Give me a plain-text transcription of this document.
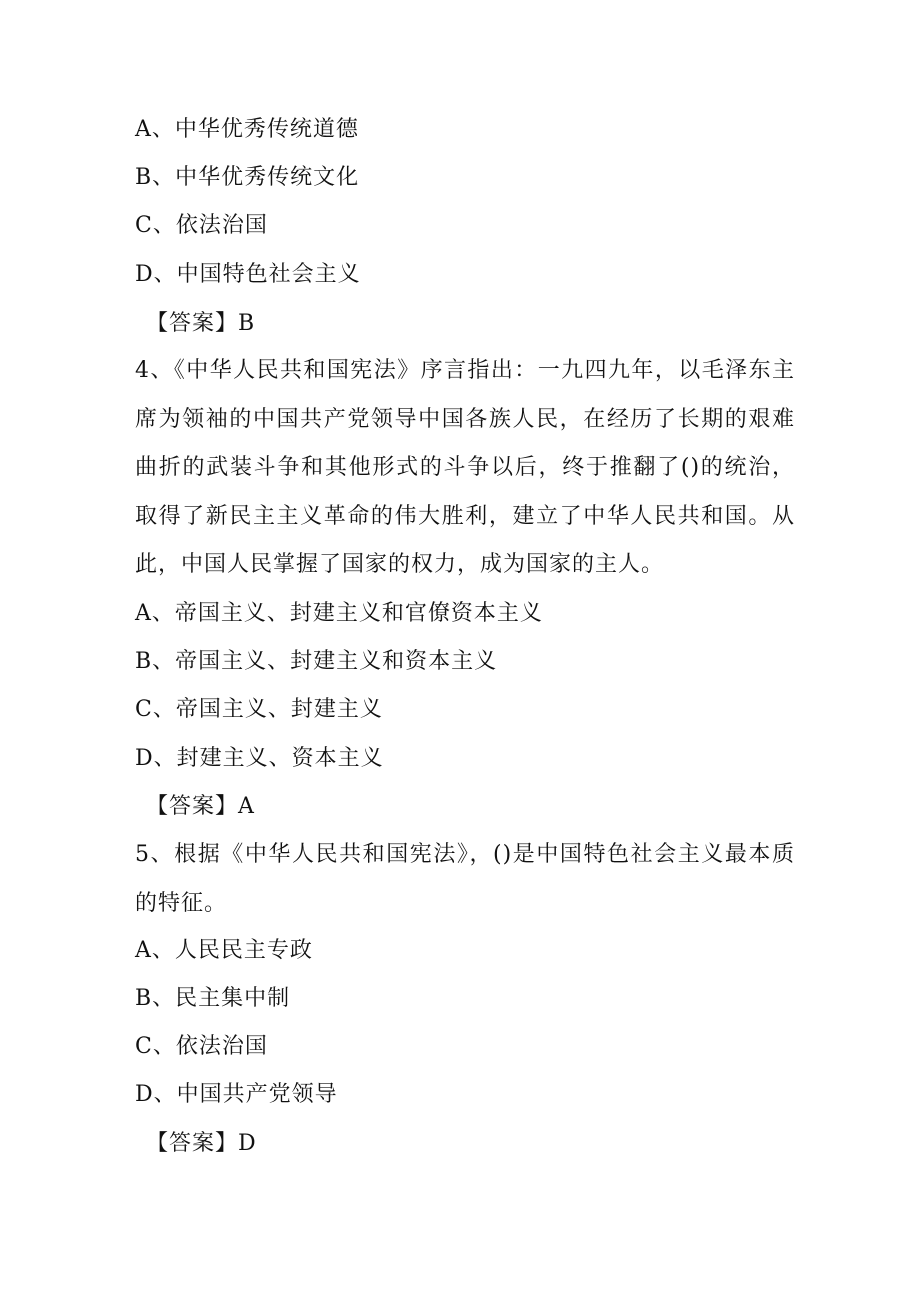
A、中华优秀传统道德
B、中华优秀传统文化
C、依法治国
D、中国特色社会主义
【答案】B
4、《中华人民共和国宪法》序言指出：一九四九年，以毛泽东主席为领袖的中国共产党领导中国各族人民，在经历了长期的艰难曲折的武装斗争和其他形式的斗争以后，终于推翻了()的统治，取得了新民主主义革命的伟大胜利，建立了中华人民共和国。从此，中国人民掌握了国家的权力，成为国家的主人。
A、帝国主义、封建主义和官僚资本主义
B、帝国主义、封建主义和资本主义
C、帝国主义、封建主义
D、封建主义、资本主义
【答案】A
5、根据《中华人民共和国宪法》，()是中国特色社会主义最本质的特征。
A、人民民主专政
B、民主集中制
C、依法治国
D、中国共产党领导
【答案】D
